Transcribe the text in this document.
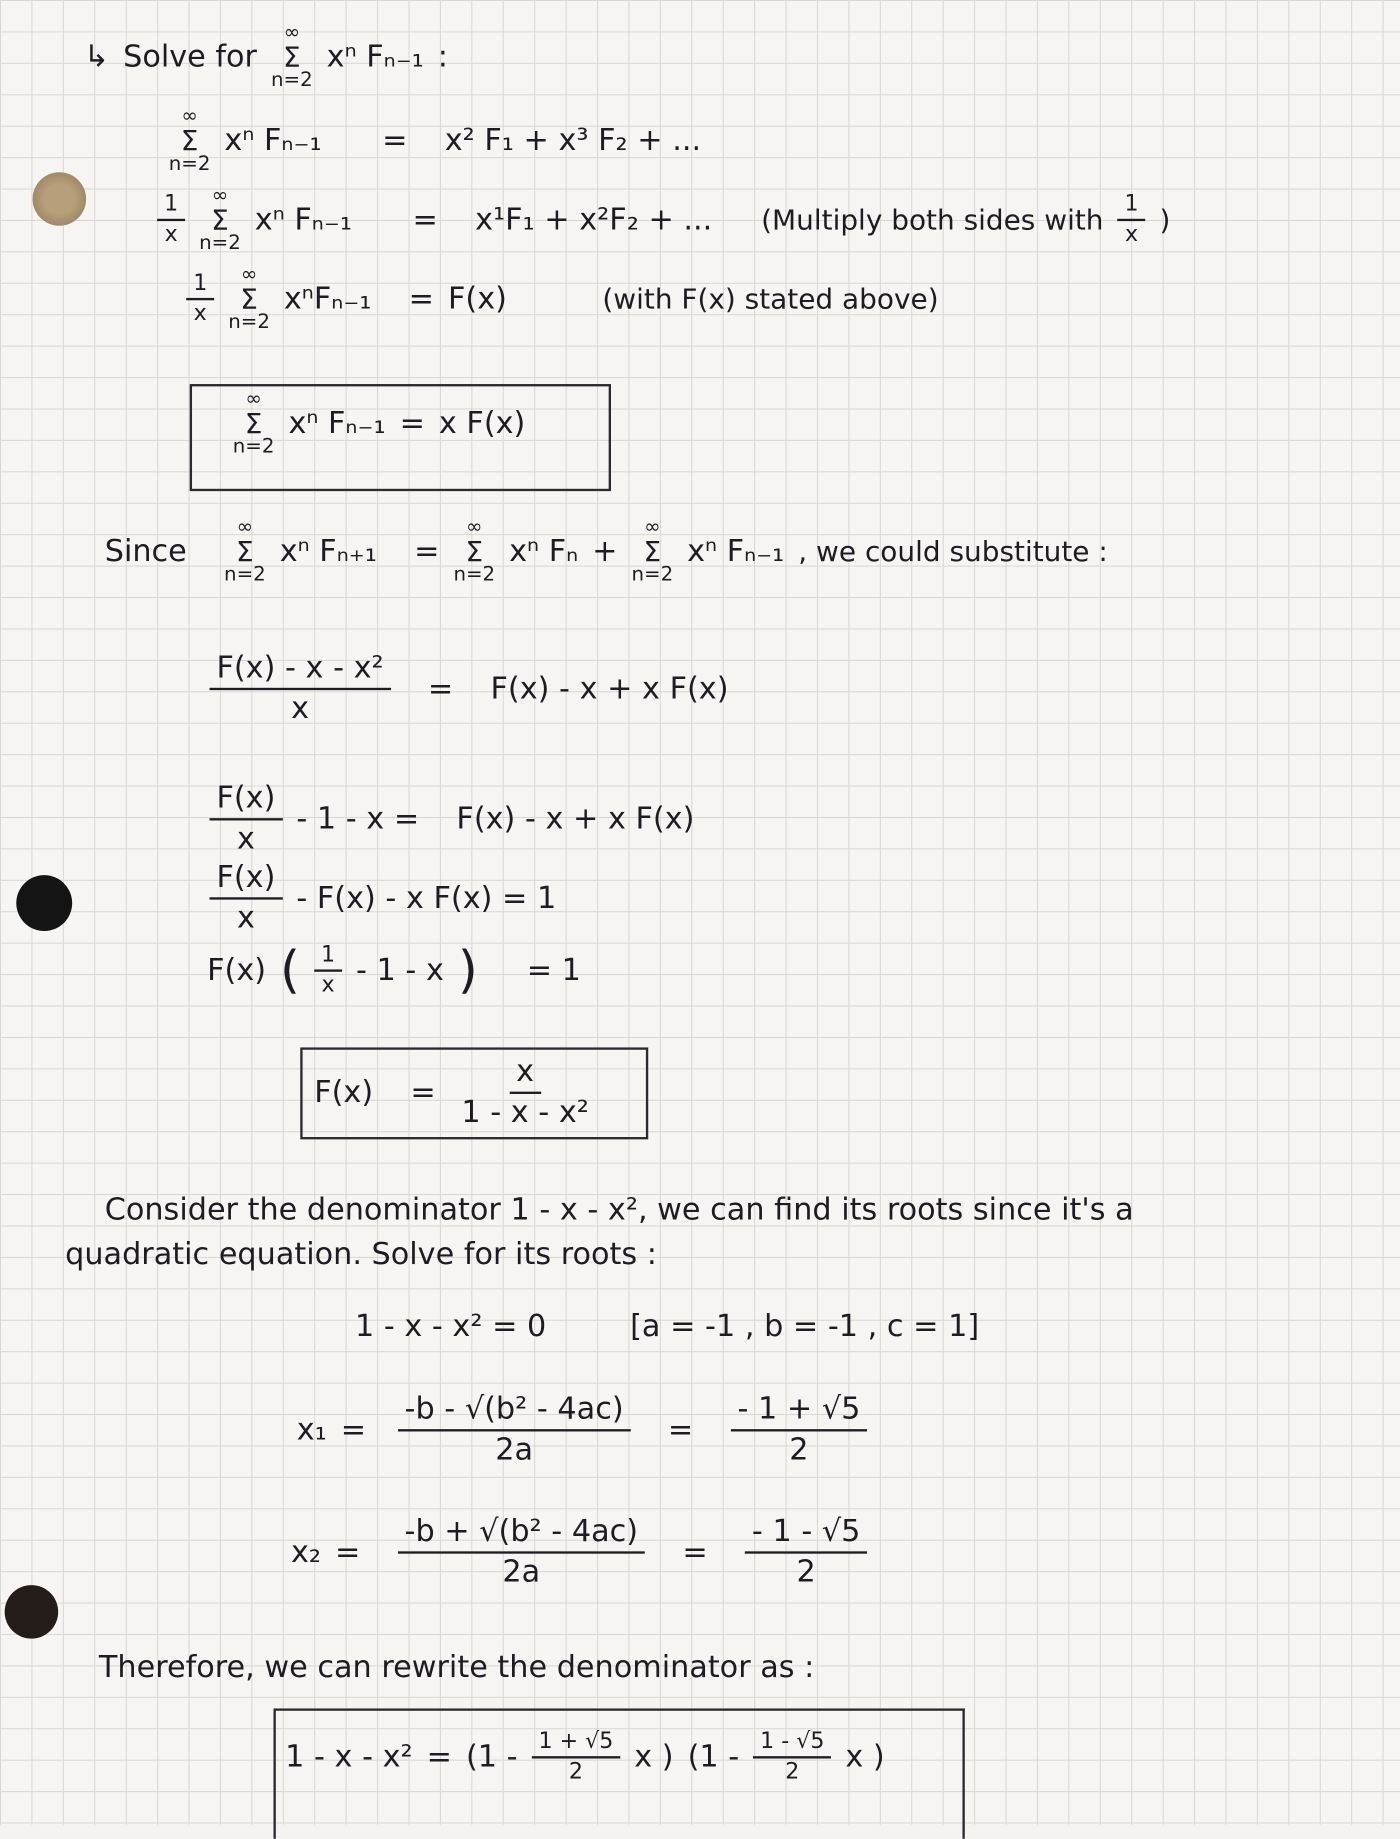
↳ Solve for
∞
Σ
n=2
xⁿ Fₙ₋₁ :
∞
Σ
n=2
xⁿ Fₙ₋₁ = x² F₁ + x³ F₂ + ...
$\frac{1}{x}$ ∞
Σ
n=2
xⁿ Fₙ₋₁ = x¹F₁ + x²F₂ + ... (Multiply both sides with $\frac{1}{x}$ )
$\frac{1}{x}$ ∞
Σ
n=2
xⁿFₙ₋₁ = F(x)	(with F(x) stated above)
∞
Σ
n=2
xⁿ Fₙ₋₁ = x F(x)
Since
∞
Σ
n=2
xⁿ Fₙ₊₁ =
∞
Σ
n=2
xⁿ Fₙ +
∞
Σ
n=2
xⁿ Fₙ₋₁ , we could substitute :
$\frac{\text{F(x) - x - x²}}{x} = F(x) - x + x$ F(x)
$\frac{F(x)}{x} - 1 - x = F(x) - x + x$ F(x)
$\frac{F(x)}{x} - F(x)$ - x F(x) = 1
F(x) ( $\frac{1}{x} - 1$ - x ) = 1
$F(x) = \frac{x}{\text{1 - x - x²}}$
Consider the denominator 1 - x - x², we can find its roots since it's a
quadratic equation. Solve for its roots :
1 - x - x² = 0	[a = -1 , b = -1 , c = 1]
$x_1 = \frac{\text{-b - √(b² - 4ac)}}{2a} = \frac{- 1 + √5}{2}$
$x_2 = \frac{\text{-b + √(b² - 4ac)}}{2a} = \frac{- 1 - √5}{2}$
Therefore, we can rewrite the denominator as :
$1 - x - x^2 = (1 - \frac{1 + √5}{2}$ x ) ($1 - \frac{1 - √5}{2}$ x )
